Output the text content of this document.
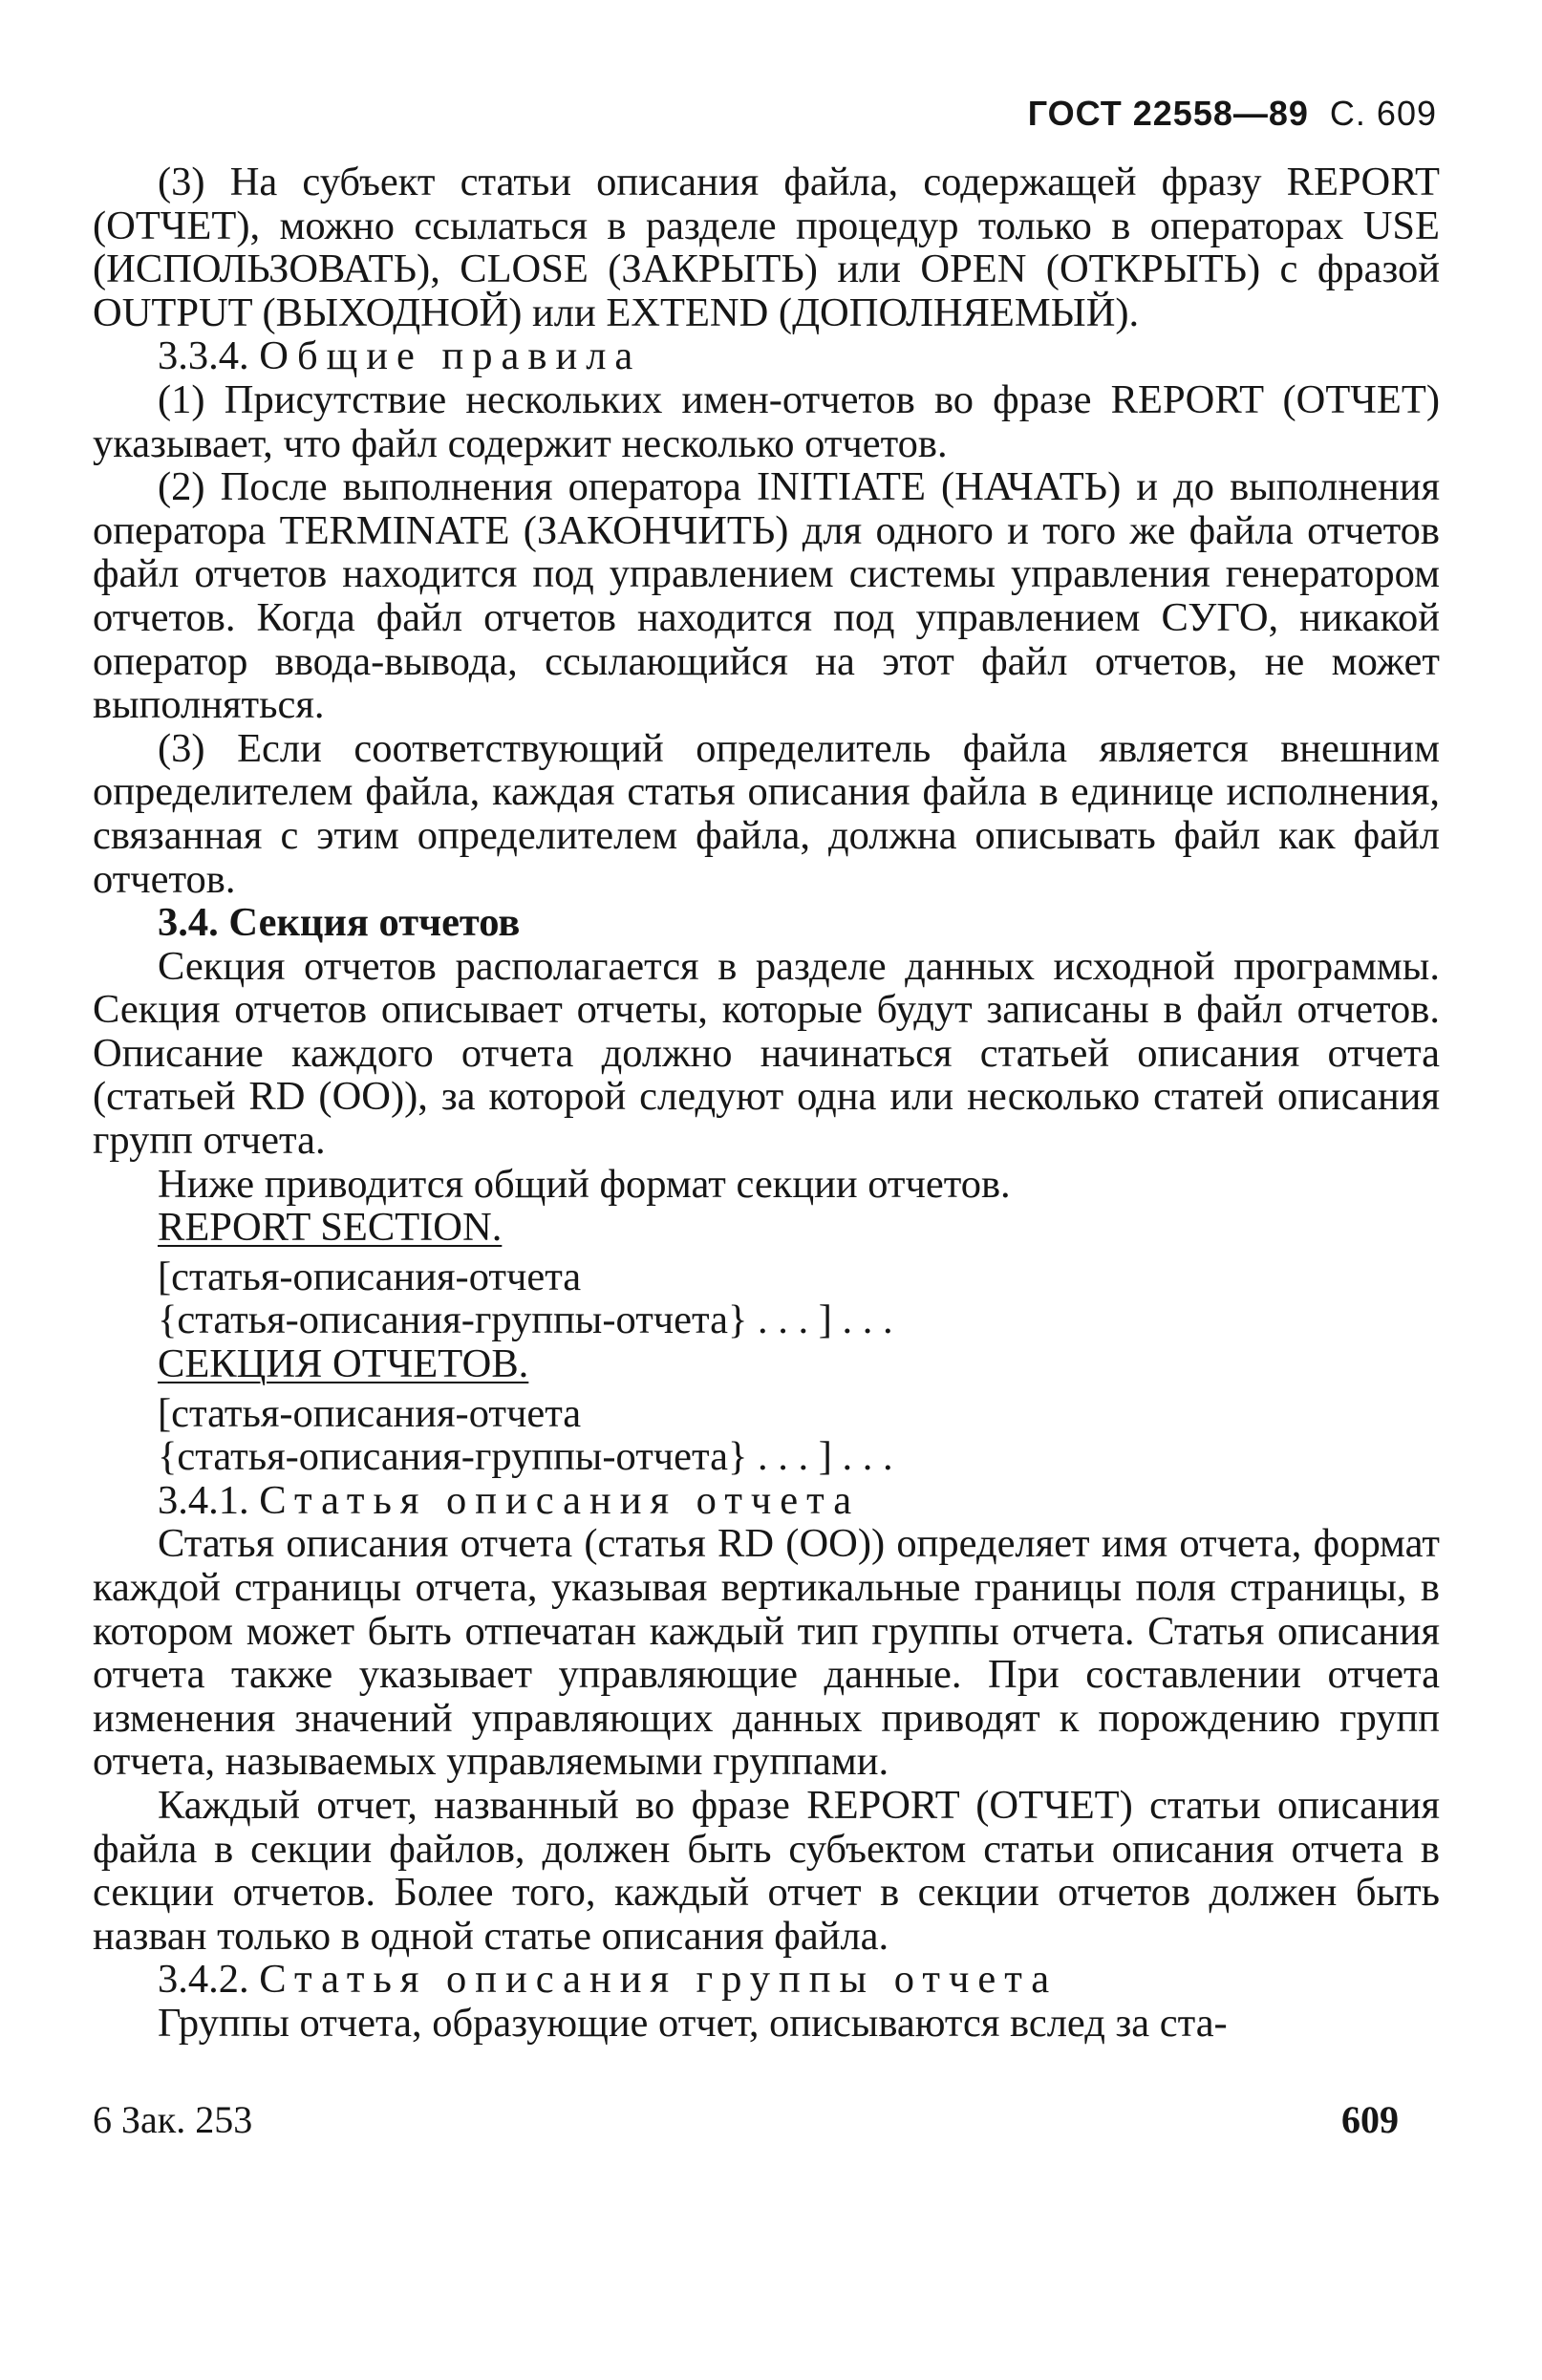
ГОСТ 22558—89 С. 609

(3) На субъект статьи описания файла, содержащей фразу REPORT (ОТЧЕТ), можно ссылаться в разделе процедур только в операторах USE (ИСПОЛЬЗОВАТЬ), CLOSE (ЗАКРЫТЬ) или OPEN (ОТКРЫТЬ) с фразой OUTPUT (ВЫХОДНОЙ) или EXTEND (ДОПОЛНЯЕМЫЙ).

3.3.4. Общие правила

(1) Присутствие нескольких имен-отчетов во фразе REPORT (ОТЧЕТ) указывает, что файл содержит несколько отчетов.

(2) После выполнения оператора INITIATE (НАЧАТЬ) и до выполнения оператора TERMINATE (ЗАКОНЧИТЬ) для одного и того же файла отчетов файл отчетов находится под управлением системы управления генератором отчетов. Когда файл отчетов находится под управлением СУГО, никакой оператор ввода-вывода, ссылающийся на этот файл отчетов, не может выполняться.

(3) Если соответствующий определитель файла является внешним определителем файла, каждая статья описания файла в единице исполнения, связанная с этим определителем файла, должна описывать файл как файл отчетов.

3.4. Секция отчетов

Секция отчетов располагается в разделе данных исходной программы. Секция отчетов описывает отчеты, которые будут записаны в файл отчетов. Описание каждого отчета должно начинаться статьей описания отчета (статьей RD (ОО)), за которой следуют одна или несколько статей описания групп отчета.

Ниже приводится общий формат секции отчетов.

REPORT SECTION.

[статья-описания-отчета

{статья-описания-группы-отчета} . . . ] . . .

СЕКЦИЯ ОТЧЕТОВ.

[статья-описания-отчета

{статья-описания-группы-отчета} . . . ] . . .

3.4.1. Статья описания отчета

Статья описания отчета (статья RD (ОО)) определяет имя отчета, формат каждой страницы отчета, указывая вертикальные границы поля страницы, в котором может быть отпечатан каждый тип группы отчета. Статья описания отчета также указывает управляющие данные. При составлении отчета изменения значений управляющих данных приводят к порождению групп отчета, называемых управляемыми группами.

Каждый отчет, названный во фразе REPORT (ОТЧЕТ) статьи описания файла в секции файлов, должен быть субъектом статьи описания отчета в секции отчетов. Более того, каждый отчет в секции отчетов должен быть назван только в одной статье описания файла.

3.4.2. Статья описания группы отчета

Группы отчета, образующие отчет, описываются вслед за ста-

6 Зак. 253	609
